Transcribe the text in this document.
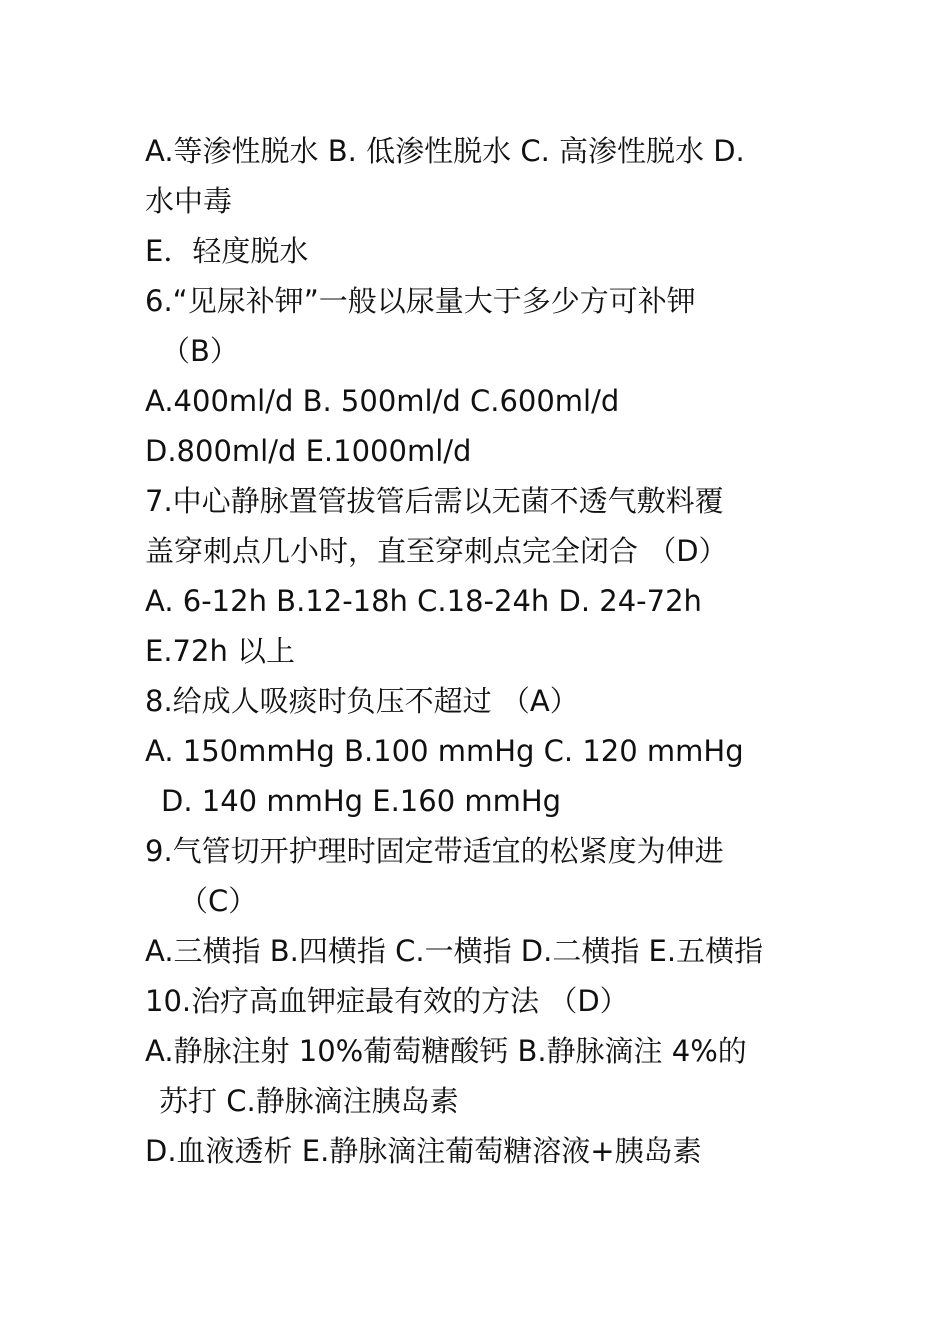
A.等渗性脱水 B. 低渗性脱水 C. 高渗性脱水 D.
水中毒
E．轻度脱水
6.“见尿补钾”一般以尿量大于多少方可补钾
（B）
A.400ml/d B. 500ml/d C.600ml/d
D.800ml/d E.1000ml/d
7.中心静脉置管拔管后需以无菌不透气敷料覆
盖穿刺点几小时，直至穿刺点完全闭合 （D）
A. 6-12h B.12-18h C.18-24h D. 24-72h
E.72h 以上
8.给成人吸痰时负压不超过 （A）
A. 150mmHg B.100 mmHg C. 120 mmHg
D. 140 mmHg E.160 mmHg
9.气管切开护理时固定带适宜的松紧度为伸进
（C）
A.三横指 B.四横指 C.一横指 D.二横指 E.五横指
10.治疗高血钾症最有效的方法 （D）
A.静脉注射 10%葡萄糖酸钙 B.静脉滴注 4%的
苏打 C.静脉滴注胰岛素
D.血液透析 E.静脉滴注葡萄糖溶液+胰岛素
